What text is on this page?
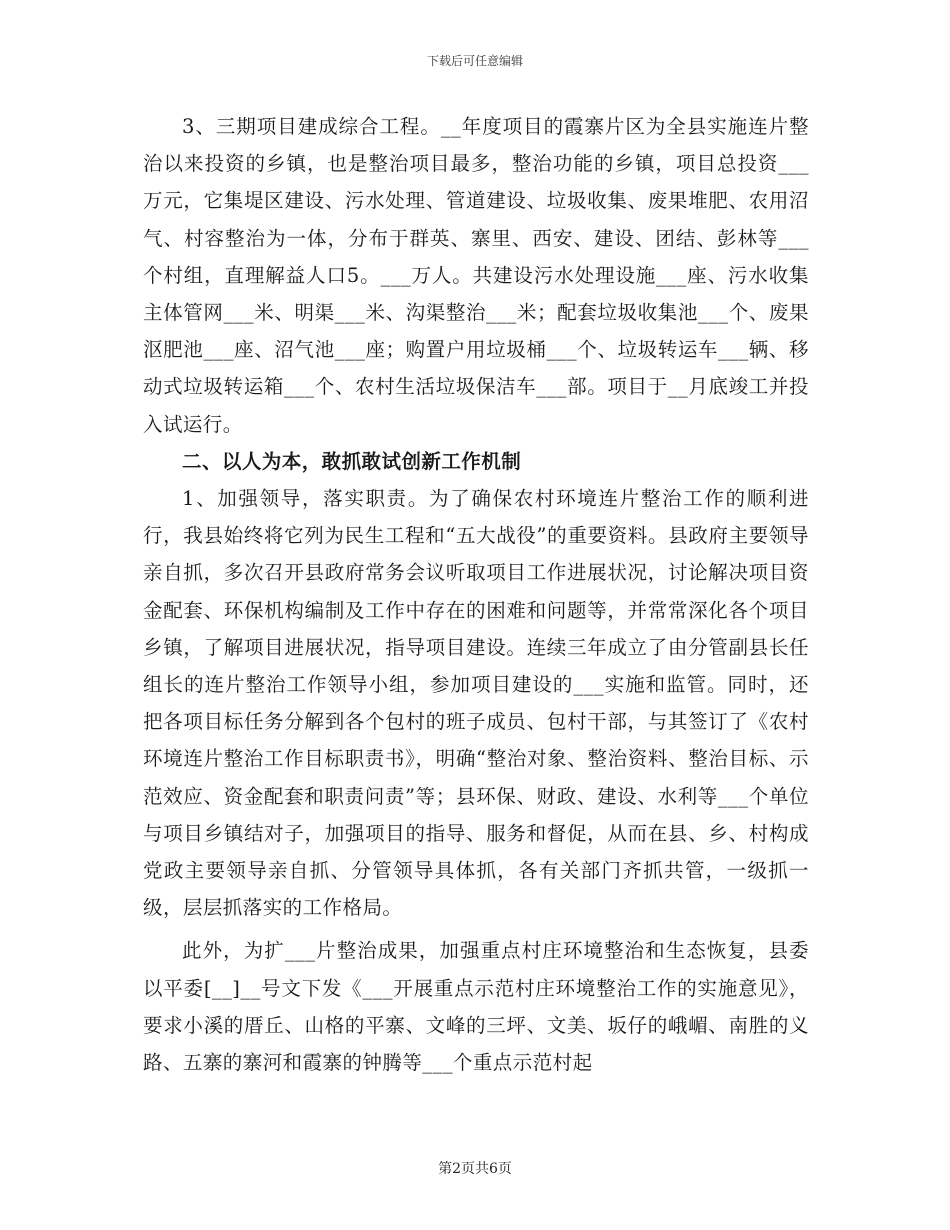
下载后可任意编辑

3、三期项目建成综合工程。__年度项目的霞寨片区为全县实施连片整治以来投资的乡镇，也是整治项目最多，整治功能的乡镇，项目总投资___万元，它集堤区建设、污水处理、管道建设、垃圾收集、废果堆肥、农用沼气、村容整治为一体，分布于群英、寨里、西安、建设、团结、彭林等___个村组，直理解益人口5。___万人。共建设污水处理设施___座、污水收集主体管网___米、明渠___米、沟渠整治___米；配套垃圾收集池___个、废果沤肥池___座、沼气池___座；购置户用垃圾桶___个、垃圾转运车___辆、移动式垃圾转运箱___个、农村生活垃圾保洁车___部。项目于__月底竣工并投入试运行。

二、以人为本，敢抓敢试创新工作机制

1、加强领导，落实职责。为了确保农村环境连片整治工作的顺利进行，我县始终将它列为民生工程和“五大战役”的重要资料。县政府主要领导亲自抓，多次召开县政府常务会议听取项目工作进展状况，讨论解决项目资金配套、环保机构编制及工作中存在的困难和问题等，并常常深化各个项目乡镇，了解项目进展状况，指导项目建设。连续三年成立了由分管副县长任组长的连片整治工作领导小组，参加项目建设的___实施和监管。同时，还把各项目标任务分解到各个包村的班子成员、包村干部，与其签订了《农村环境连片整治工作目标职责书》，明确“整治对象、整治资料、整治目标、示范效应、资金配套和职责问责”等；县环保、财政、建设、水利等___个单位与项目乡镇结对子，加强项目的指导、服务和督促，从而在县、乡、村构成党政主要领导亲自抓、分管领导具体抓，各有关部门齐抓共管，一级抓一级，层层抓落实的工作格局。

此外，为扩___片整治成果，加强重点村庄环境整治和生态恢复，县委以平委[__]__号文下发《___开展重点示范村庄环境整治工作的实施意见》，要求小溪的厝丘、山格的平寨、文峰的三坪、文美、坂仔的峨嵋、南胜的义路、五寨的寨河和霞寨的钟腾等___个重点示范村起

第2页共6页
